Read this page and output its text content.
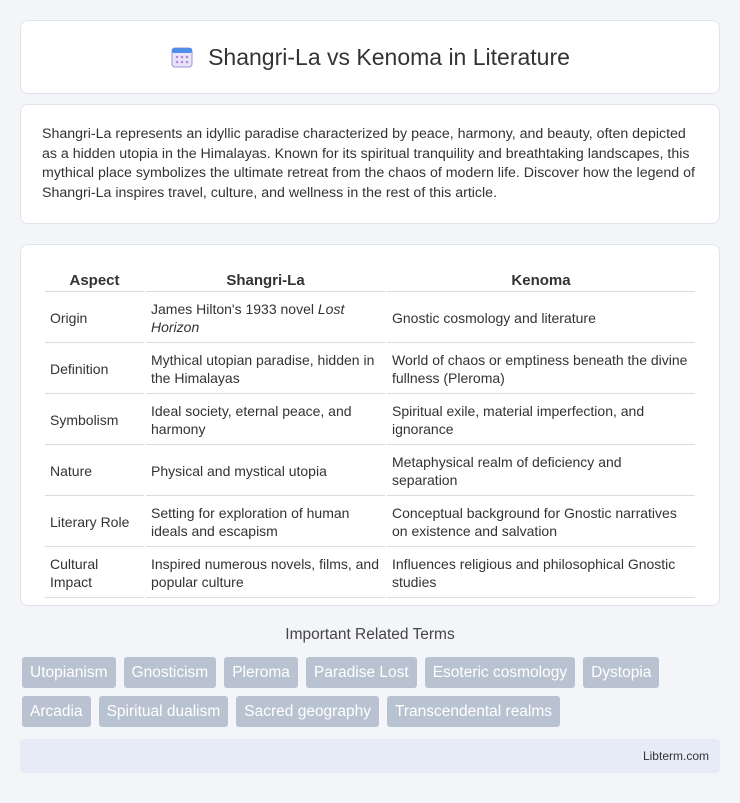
Shangri-La vs Kenoma in Literature

Shangri-La represents an idyllic paradise characterized by peace, harmony, and beauty, often depicted as a hidden utopia in the Himalayas. Known for its spiritual tranquility and breathtaking landscapes, this mythical place symbolizes the ultimate retreat from the chaos of modern life. Discover how the legend of Shangri-La inspires travel, culture, and wellness in the rest of this article.

Aspect	Shangri-La	Kenoma
Origin	James Hilton's 1933 novel Lost Horizon	Gnostic cosmology and literature
Definition	Mythical utopian paradise, hidden in the Himalayas	World of chaos or emptiness beneath the divine fullness (Pleroma)
Symbolism	Ideal society, eternal peace, and harmony	Spiritual exile, material imperfection, and ignorance
Nature	Physical and mystical utopia	Metaphysical realm of deficiency and separation
Literary Role	Setting for exploration of human ideals and escapism	Conceptual background for Gnostic narratives on existence and salvation
Cultural Impact	Inspired numerous novels, films, and popular culture	Influences religious and philosophical Gnostic studies
Important Related Terms
Utopianism	Gnosticism	Pleroma	Paradise Lost	Esoteric cosmology	Dystopia
Arcadia	Spiritual dualism	Sacred geography	Transcendental realms
Libterm.com
